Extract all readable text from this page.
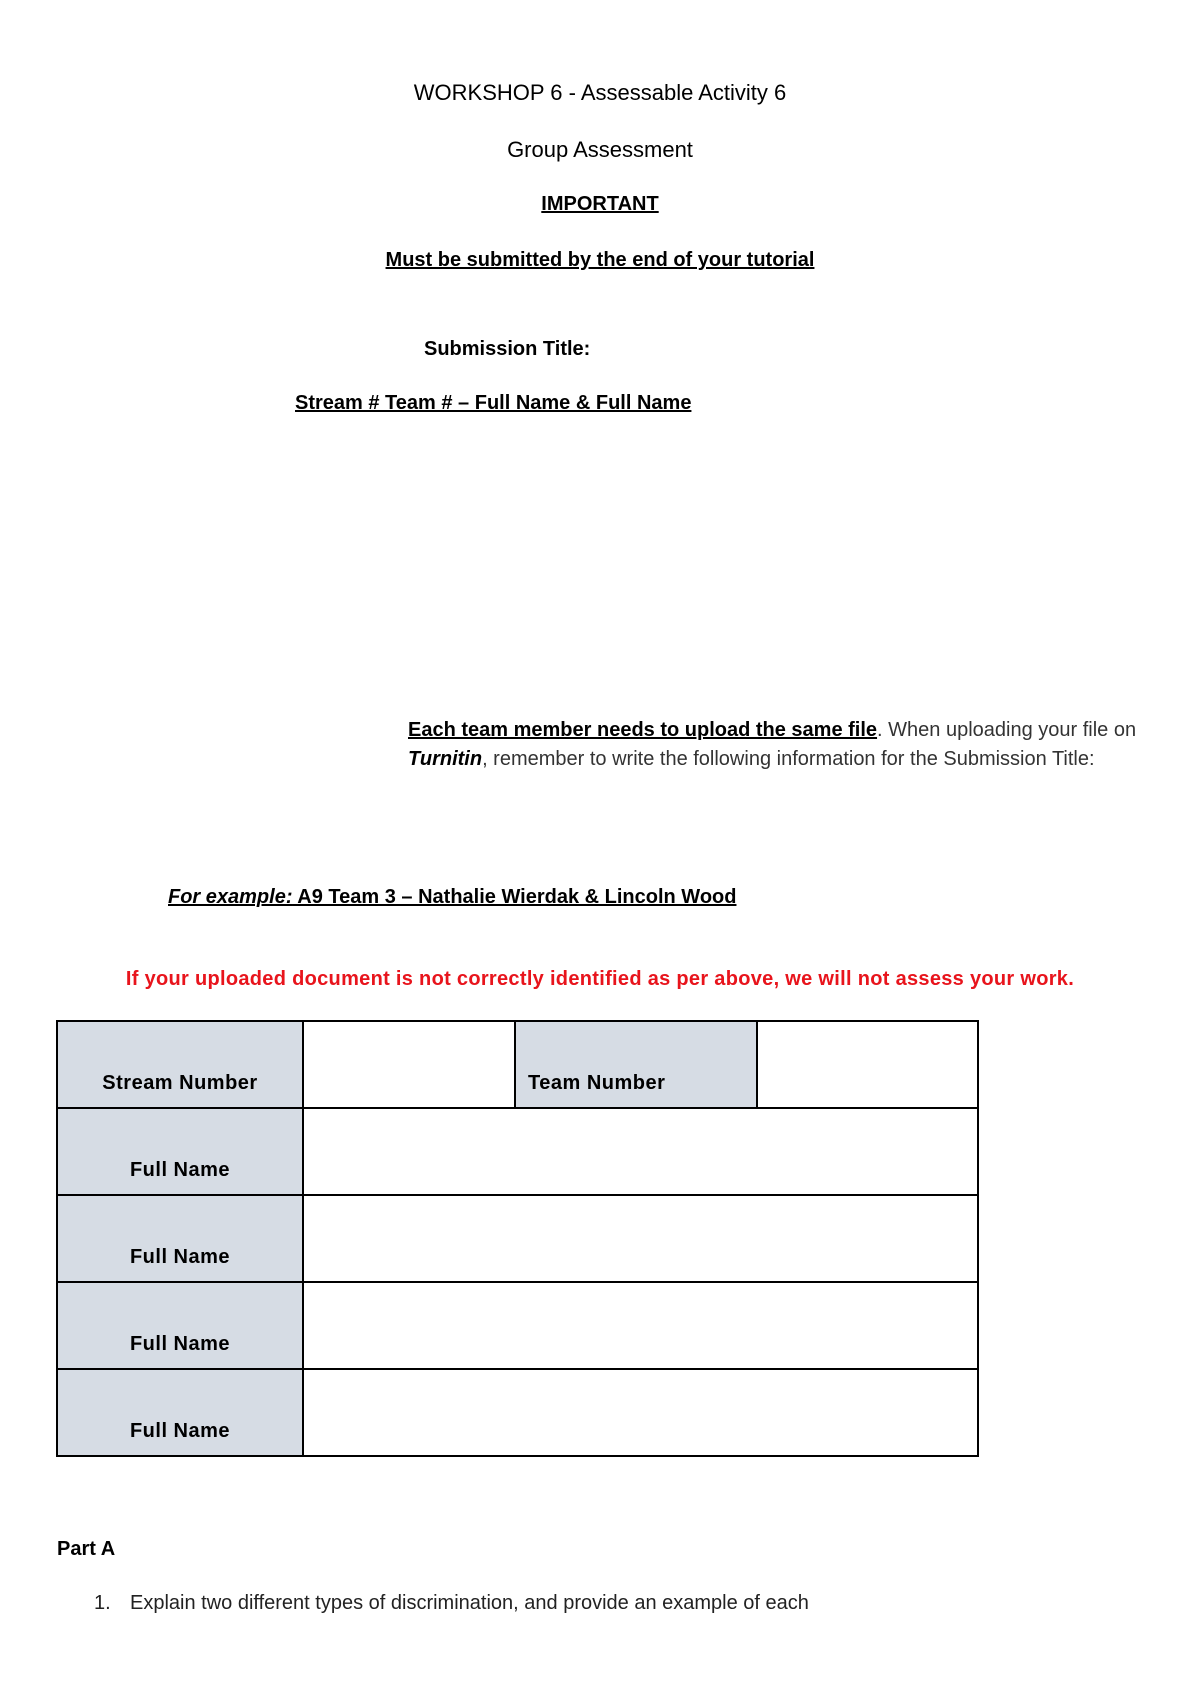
WORKSHOP 6 - Assessable Activity 6
Group Assessment
IMPORTANT
Must be submitted by the end of your tutorial
Submission Title:
Stream # Team # – Full Name & Full Name
Each team member needs to upload the same file. When uploading your file on Turnitin, remember to write the following information for the Submission Title:
For example: A9 Team 3 – Nathalie Wierdak & Lincoln Wood
If your uploaded document is not correctly identified as per above, we will not assess your work.
Stream Number		Team Number	
Full Name			
Full Name			
Full Name			
Full Name			
Part A
1. Explain two different types of discrimination, and provide an example of each
